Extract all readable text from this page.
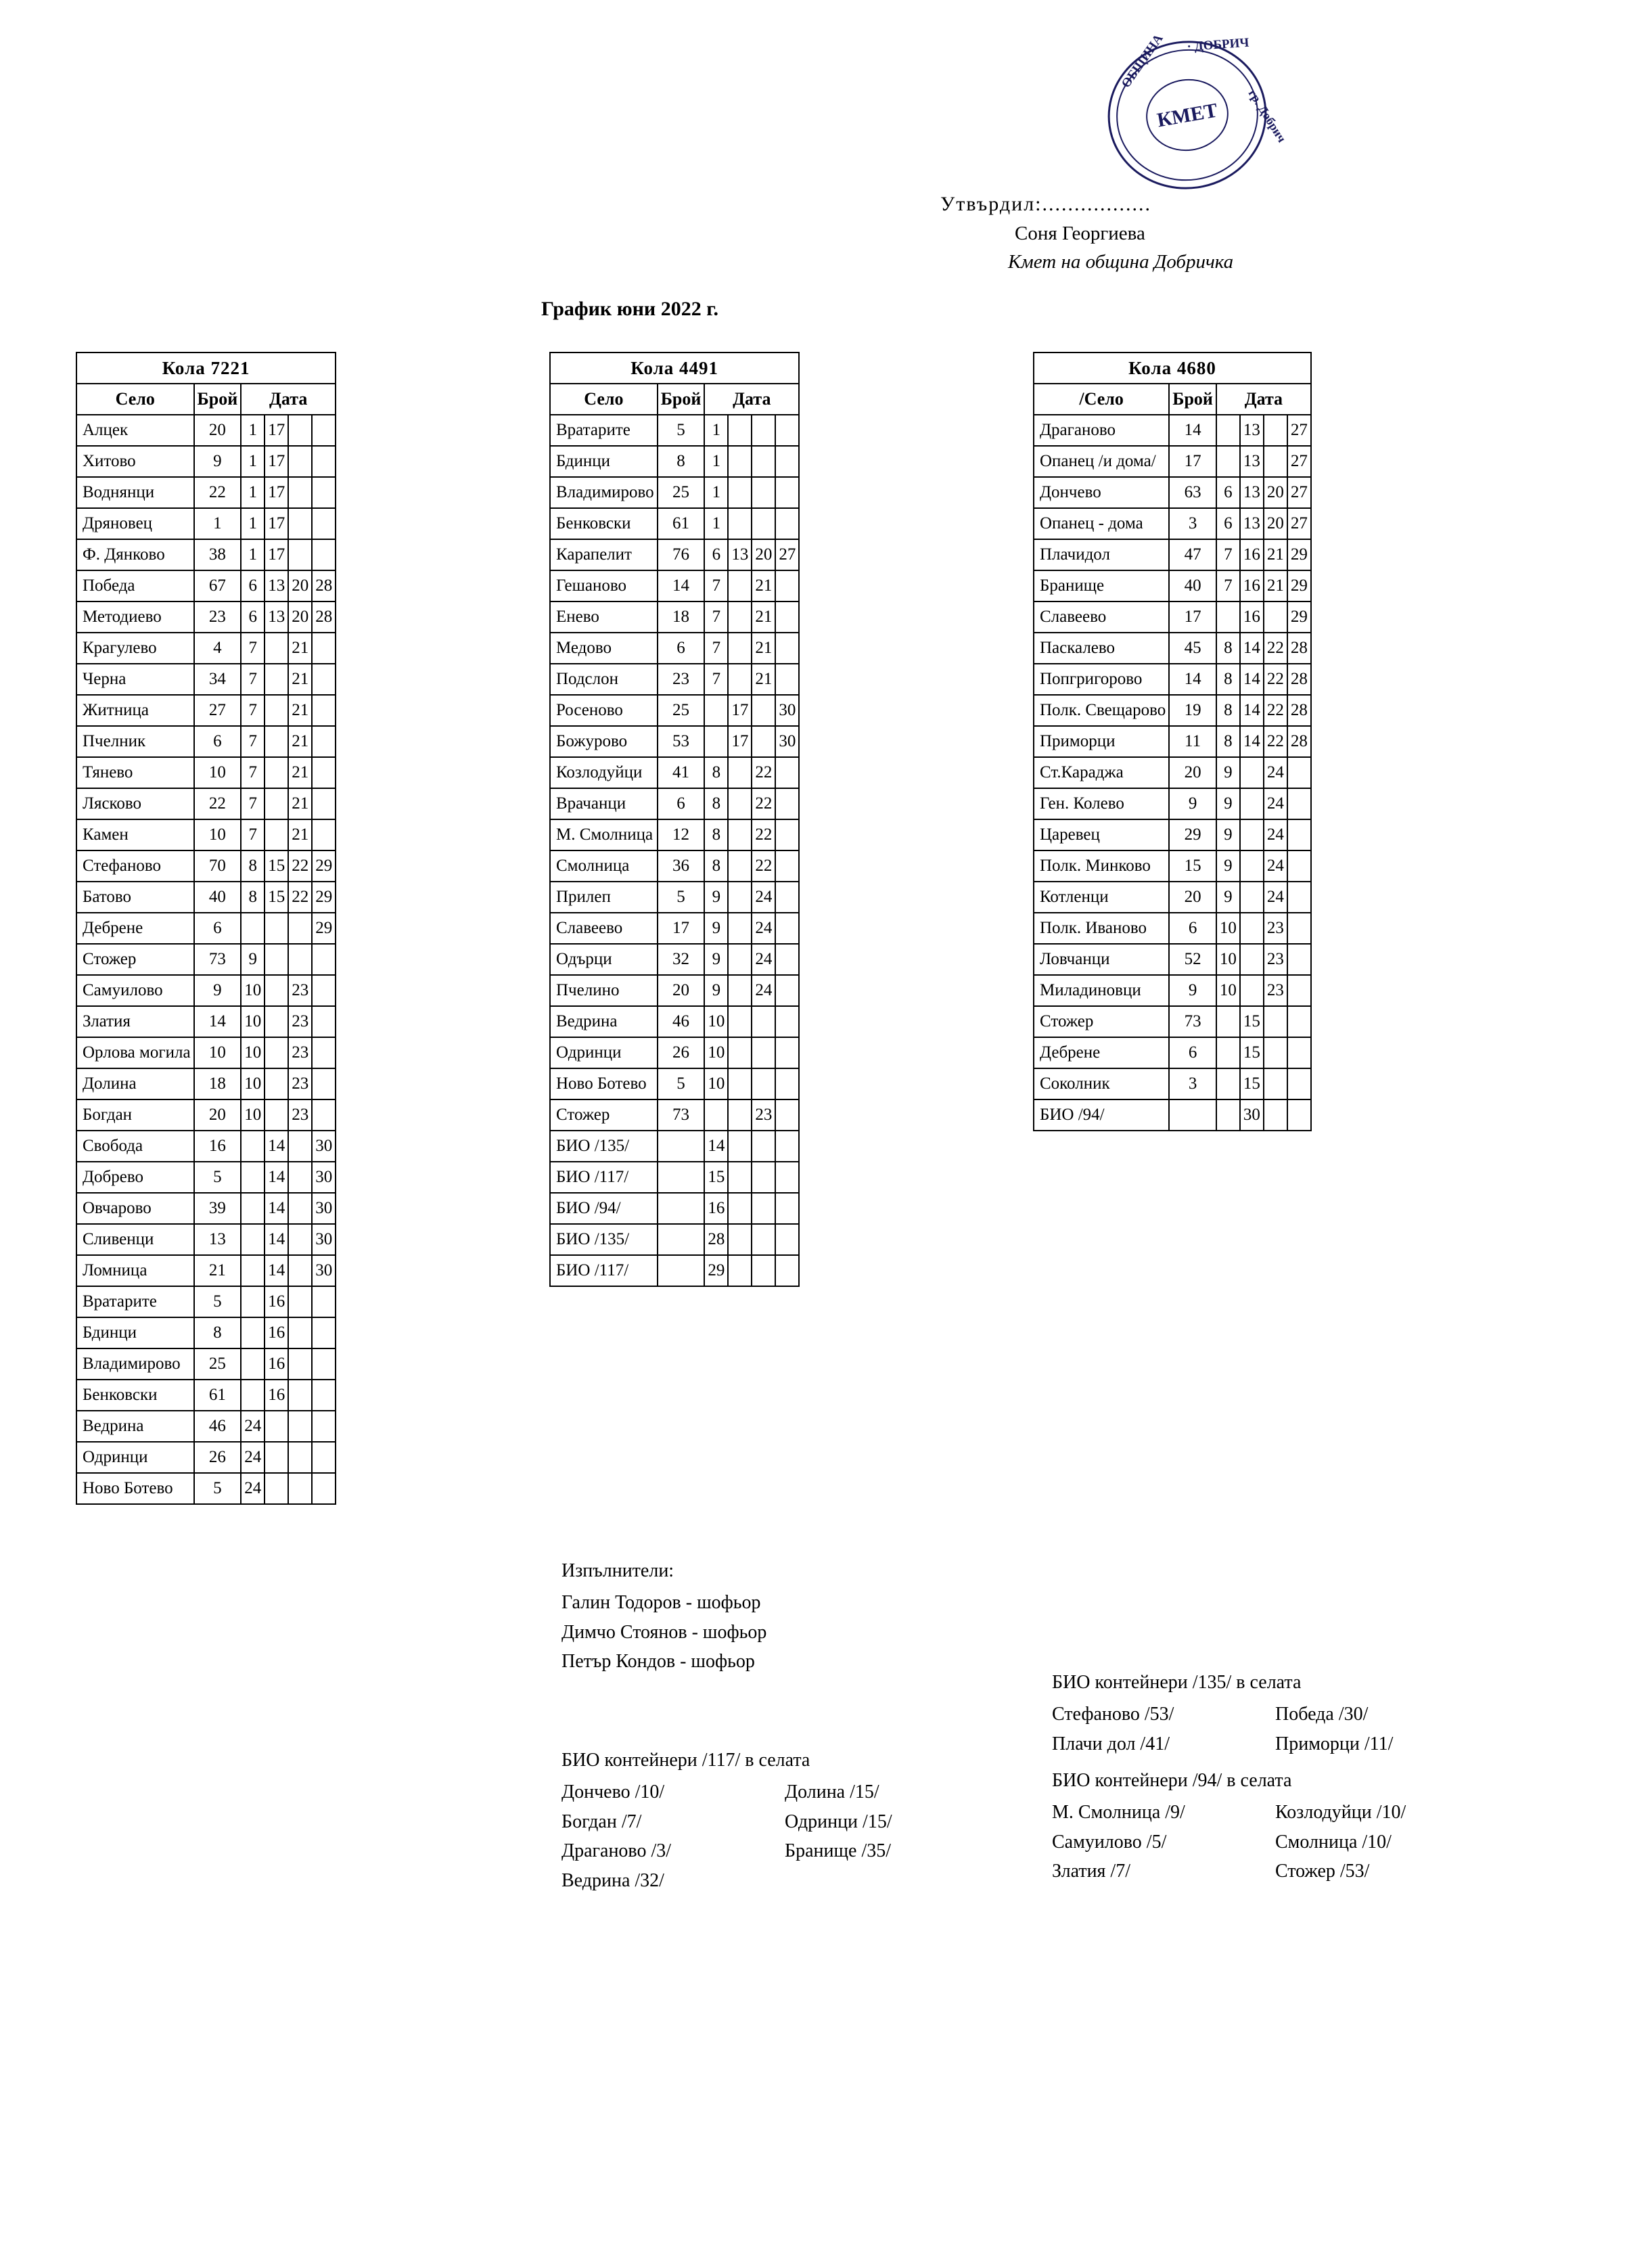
КМЕТ
ОБЩИНА · ДОБРИЧ
гр. Добрич
Утвърдил:.................
Соня Георгиева
Кмет на община Добричка
График юни 2022 г.
Кола 7221					
Село	Брой	Дата			
Алцек	20	1	17		
Хитово	9	1	17		
Воднянци	22	1	17		
Дряновец	1	1	17		
Ф. Дянково	38	1	17		
Победа	67	6	13	20	28
Методиево	23	6	13	20	28
Крагулево	4	7		21	
Черна	34	7		21	
Житница	27	7		21	
Пчелник	6	7		21	
Тянево	10	7		21	
Лясково	22	7		21	
Камен	10	7		21	
Стефаново	70	8	15	22	29
Батово	40	8	15	22	29
Дебрене	6				29
Стожер	73	9			
Самуилово	9	10		23	
Златия	14	10		23	
Орлова могила	10	10		23	
Долина	18	10		23	
Богдан	20	10		23	
Свобода	16		14		30
Добрево	5		14		30
Овчарово	39		14		30
Сливенци	13		14		30
Ломница	21		14		30
Вратарите	5		16		
Бдинци	8		16		
Владимирово	25		16		
Бенковски	61		16		
Ведрина	46	24			
Одринци	26	24			
Ново Ботево	5	24			
Кола 4491					
Село	Брой	Дата			
Вратарите	5	1			
Бдинци	8	1			
Владимирово	25	1			
Бенковски	61	1			
Карапелит	76	6	13	20	27
Гешаново	14	7		21	
Енево	18	7		21	
Медово	6	7		21	
Подслон	23	7		21	
Росеново	25		17		30
Божурово	53		17		30
Козлодуйци	41	8		22	
Врачанци	6	8		22	
М. Смолница	12	8		22	
Смолница	36	8		22	
Прилеп	5	9		24	
Славеево	17	9		24	
Одърци	32	9		24	
Пчелино	20	9		24	
Ведрина	46	10			
Одринци	26	10			
Ново Ботево	5	10			
Стожер	73			23	
БИО /135/		14			
БИО /117/		15			
БИО /94/		16			
БИО /135/		28			
БИО /117/		29			
Кола 4680					
/Село	Брой	Дата			
Драганово	14		13		27
Опанец /и дома/	17		13		27
Дончево	63	6	13	20	27
Опанец - дома	3	6	13	20	27
Плачидол	47	7	16	21	29
Бранище	40	7	16	21	29
Славеево	17		16		29
Паскалево	45	8	14	22	28
Попгригорово	14	8	14	22	28
Полк. Свещарово	19	8	14	22	28
Приморци	11	8	14	22	28
Ст.Караджа	20	9		24	
Ген. Колево	9	9		24	
Царевец	29	9		24	
Полк. Минково	15	9		24	
Котленци	20	9		24	
Полк. Иваново	6	10		23	
Ловчанци	52	10		23	
Миладиновци	9	10		23	
Стожер	73		15		
Дебрене	6		15		
Соколник	3		15		
БИО /94/			30		
Изпълнители:
Галин Тодоров - шофьор
Димчо Стоянов - шофьор
Петър Кондов - шофьор
БИО контейнери /117/ в селата
Дончево /10/	Долина /15/
Богдан /7/	Одринци /15/
Драганово /3/	Бранище /35/
Ведрина /32/
БИО контейнери /135/ в селата
Стефаново /53/	Победа /30/
Плачи дол /41/	Приморци /11/
БИО контейнери /94/ в селата
М. Смолница /9/	Козлодуйци /10/
Самуилово /5/	Смолница /10/
Златия /7/	Стожер /53/
